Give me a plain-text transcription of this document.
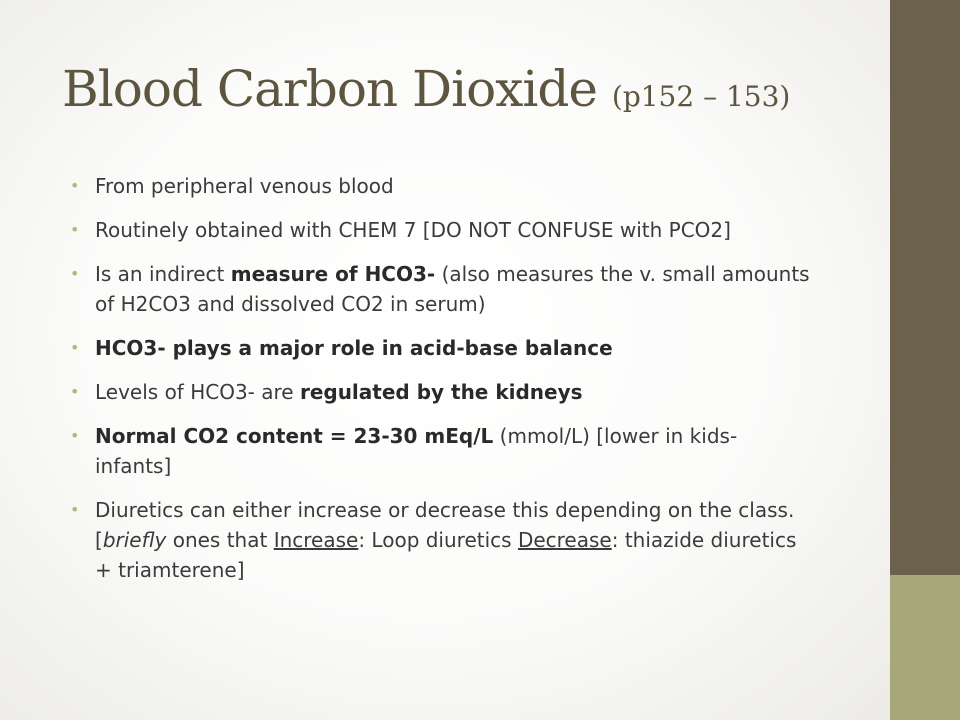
Blood Carbon Dioxide (p152 – 153)
• From peripheral venous blood
• Routinely obtained with CHEM 7 [DO NOT CONFUSE with PCO2]
• Is an indirect measure of HCO3- (also measures the v. small amounts of H2CO3 and dissolved CO2 in serum)
• HCO3- plays a major role in acid-base balance
• Levels of HCO3- are regulated by the kidneys
• Normal CO2 content = 23-30 mEq/L (mmol/L) [lower in kids-infants]
• Diuretics can either increase or decrease this depending on the class. [briefly ones that Increase: Loop diuretics Decrease: thiazide diuretics + triamterene]
